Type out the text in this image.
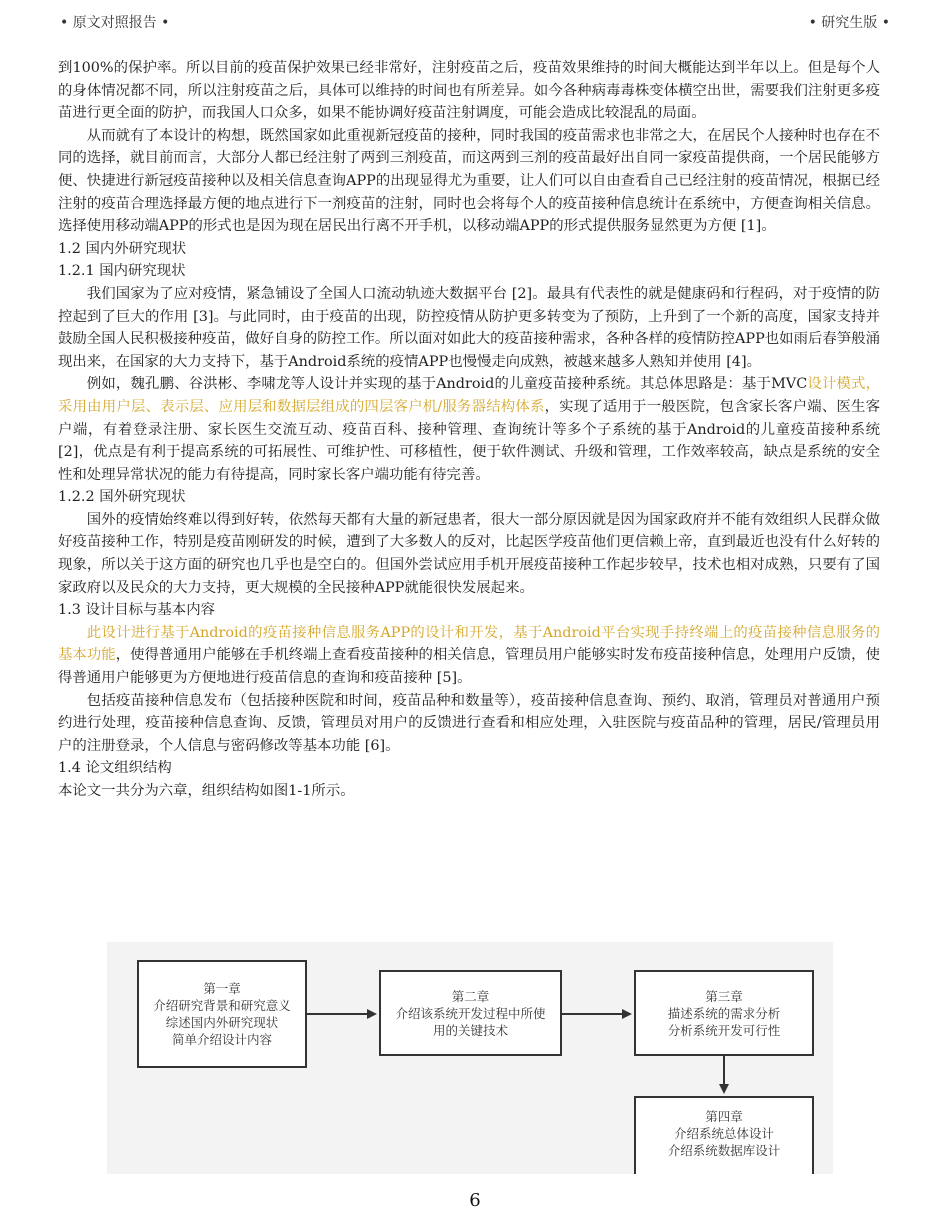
• 原文对照报告 •	• 研究生版 •

到100%的保护率。所以目前的疫苗保护效果已经非常好，注射疫苗之后，疫苗效果维持的时间大概能达到半年以上。但是每个人的身体情况都不同，所以注射疫苗之后，具体可以维持的时间也有所差异。如今各种病毒毒株变体横空出世，需要我们注射更多疫苗进行更全面的防护，而我国人口众多，如果不能协调好疫苗注射调度，可能会造成比较混乱的局面。

从而就有了本设计的构想，既然国家如此重视新冠疫苗的接种，同时我国的疫苗需求也非常之大，在居民个人接种时也存在不同的选择，就目前而言，大部分人都已经注射了两到三剂疫苗，而这两到三剂的疫苗最好出自同一家疫苗提供商，一个居民能够方便、快捷进行新冠疫苗接种以及相关信息查询APP的出现显得尤为重要，让人们可以自由查看自己已经注射的疫苗情况，根据已经注射的疫苗合理选择最方便的地点进行下一剂疫苗的注射，同时也会将每个人的疫苗接种信息统计在系统中，方便查询相关信息。选择使用移动端APP的形式也是因为现在居民出行离不开手机，以移动端APP的形式提供服务显然更为方便 [1]。

1.2 国内外研究现状

1.2.1 国内研究现状

我们国家为了应对疫情，紧急铺设了全国人口流动轨迹大数据平台 [2]。最具有代表性的就是健康码和行程码，对于疫情的防控起到了巨大的作用 [3]。与此同时，由于疫苗的出现，防控疫情从防护更多转变为了预防，上升到了一个新的高度，国家支持并鼓励全国人民积极接种疫苗，做好自身的防控工作。所以面对如此大的疫苗接种需求，各种各样的疫情防控APP也如雨后春笋般涌现出来，在国家的大力支持下，基于Android系统的疫情APP也慢慢走向成熟，被越来越多人熟知并使用 [4]。

例如，魏孔鹏、谷洪彬、李啸龙等人设计并实现的基于Android的儿童疫苗接种系统。其总体思路是：基于MVC设计模式，采用由用户层、表示层、应用层和数据层组成的四层客户机/服务器结构体系，实现了适用于一般医院，包含家长客户端、医生客户端，有着登录注册、家长医生交流互动、疫苗百科、接种管理、查询统计等多个子系统的基于Android的儿童疫苗接种系统 [2]，优点是有利于提高系统的可拓展性、可维护性、可移植性，便于软件测试、升级和管理，工作效率较高，缺点是系统的安全性和处理异常状况的能力有待提高，同时家长客户端功能有待完善。

1.2.2 国外研究现状

国外的疫情始终难以得到好转，依然每天都有大量的新冠患者，很大一部分原因就是因为国家政府并不能有效组织人民群众做好疫苗接种工作，特别是疫苗刚研发的时候，遭到了大多数人的反对，比起医学疫苗他们更信赖上帝，直到最近也没有什么好转的现象，所以关于这方面的研究也几乎也是空白的。但国外尝试应用手机开展疫苗接种工作起步较早，技术也相对成熟，只要有了国家政府以及民众的大力支持，更大规模的全民接种APP就能很快发展起来。

1.3 设计目标与基本内容

此设计进行基于Android的疫苗接种信息服务APP的设计和开发，基于Android平台实现手持终端上的疫苗接种信息服务的基本功能，使得普通用户能够在手机终端上查看疫苗接种的相关信息，管理员用户能够实时发布疫苗接种信息，处理用户反馈，使得普通用户能够更为方便地进行疫苗信息的查询和疫苗接种 [5]。

包括疫苗接种信息发布（包括接种医院和时间，疫苗品种和数量等），疫苗接种信息查询、预约、取消，管理员对普通用户预约进行处理，疫苗接种信息查询、反馈，管理员对用户的反馈进行查看和相应处理，入驻医院与疫苗品种的管理，居民/管理员用户的注册登录，个人信息与密码修改等基本功能 [6]。

1.4 论文组织结构

本论文一共分为六章，组织结构如图1-1所示。

第一章
介绍研究背景和研究意义
综述国内外研究现状
简单介绍设计内容
第二章
介绍该系统开发过程中所使
用的关键技术
第三章
描述系统的需求分析
分析系统开发可行性
第四章
介绍系统总体设计
介绍系统数据库设计
6
